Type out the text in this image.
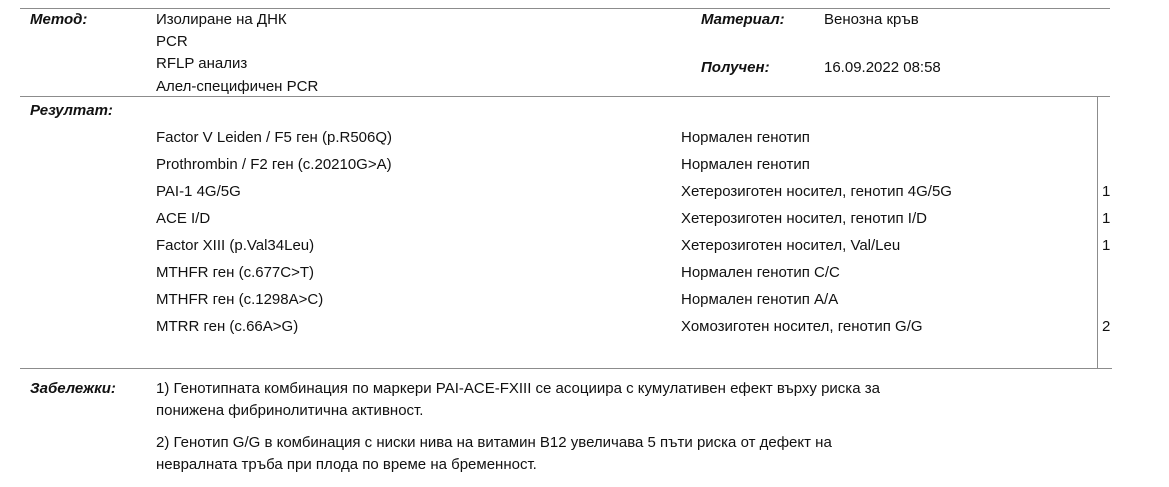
Метод:	Изолиране на ДНК
PCR
RFLP анализ
Алел-специфичен PCR
Материал:	Венозна кръв
Получен:	16.09.2022 08:58
Резултат:
Factor V Leiden / F5 ген (p.R506Q)	Нормален генотип
Prothrombin / F2 ген (c.20210G>A)	Нормален генотип
PAI-1 4G/5G	Хетерозиготен носител, генотип 4G/5G	1
ACE I/D	Хетерозиготен носител, генотип I/D	1
Factor XIII (p.Val34Leu)	Хетерозиготен носител, Val/Leu	1
MTHFR ген (c.677C>T)	Нормален генотип C/C
MTHFR ген (c.1298A>C)	Нормален генотип A/A
MTRR ген (c.66A>G)	Хомозиготен носител, генотип G/G	2
Забележки:	1) Генотипната комбинация по маркери PAI-ACE-FXIII се асоциира с кумулативен ефект върху риска за
понижена фибринолитична активност.
2) Генотип G/G в комбинация с ниски нива на витамин B12 увеличава 5 пъти риска от дефект на
невралната тръба при плода по време на бременност.
